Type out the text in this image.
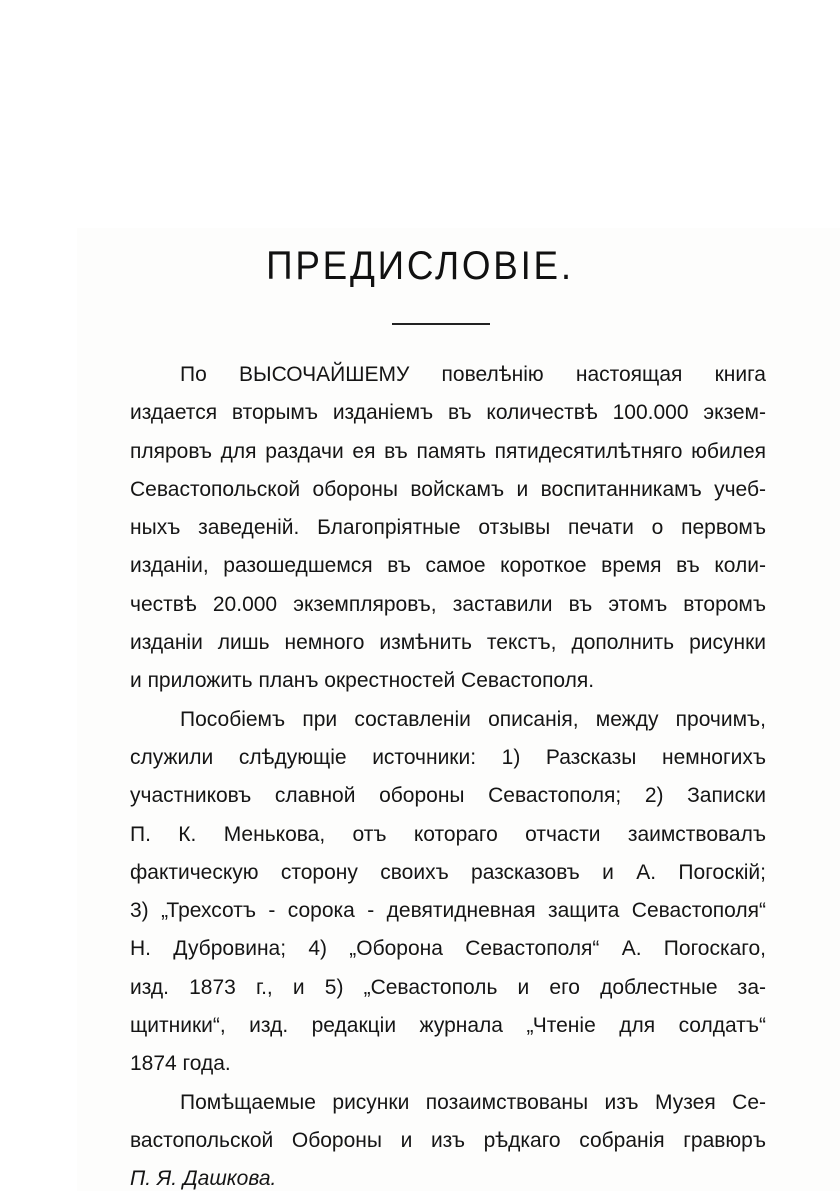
ПРЕДИСЛОВIЕ.
По ВЫСОЧАЙШЕМУ повелѣнiю настоящая книга
издается вторымъ изданiемъ въ количествѣ 100.000 экзем-
пляровъ для раздачи ея въ память пятидесятилѣтняго юбилея
Севастопольской обороны войскамъ и воспитанникамъ учеб-
ныхъ заведенiй. Благопрiятные отзывы печати о первомъ
изданiи, разошедшемся въ самое короткое время въ коли-
чествѣ 20.000 экземпляровъ, заставили въ этомъ второмъ
изданiи лишь немного измѣнить текстъ, дополнить рисунки
и приложить планъ окрестностей Севастополя.
Пособiемъ при составленiи описанiя, между прочимъ,
служили слѣдующiе источники: 1) Разсказы немногихъ
участниковъ славной обороны Севастополя; 2) Записки
П. К. Менькова, отъ котораго отчасти заимствовалъ
фактическую сторону своихъ разсказовъ и А. Погоскiй;
3) „Трехсотъ - сорока - девятидневная защита Севастополя“
Н. Дубровина; 4) „Оборона Севастополя“ А. Погоскаго,
изд. 1873 г., и 5) „Севастополь и его доблестные за-
щитники“, изд. редакцiи журнала „Чтенiе для солдатъ“
1874 года.
Помѣщаемые рисунки позаимствованы изъ Музея Се-
вастопольской Обороны и изъ рѣдкаго собранiя гравюръ
П. Я. Дашкова.
